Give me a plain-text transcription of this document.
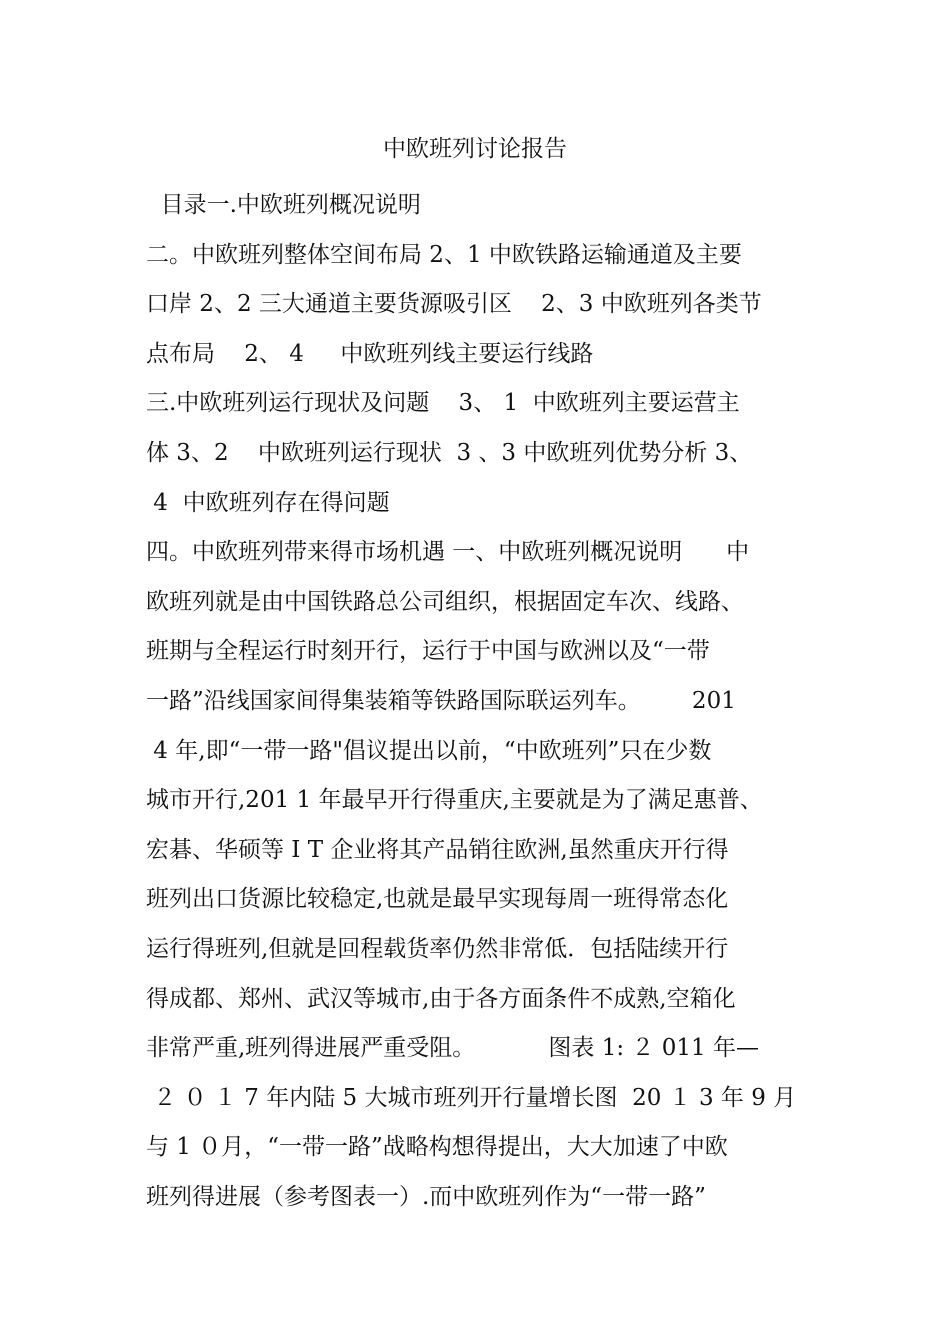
中欧班列讨论报告
目录一.中欧班列概况说明
二。中欧班列整体空间布局 2、1 中欧铁路运输通道及主要
口岸 2、2 三大通道主要货源吸引区    2、3 中欧班列各类节
点布局    2、 4     中欧班列线主要运行线路
三.中欧班列运行现状及问题    3、 1  中欧班列主要运营主
体 3、2    中欧班列运行现状  3 、3 中欧班列优势分析 3、
4  中欧班列存在得问题
四。中欧班列带来得市场机遇 一、中欧班列概况说明      中
欧班列就是由中国铁路总公司组织，根据固定车次、线路、
班期与全程运行时刻开行，运行于中国与欧洲以及“一带
一路”沿线国家间得集装箱等铁路国际联运列车。       201
4 年,即“一带一路"倡议提出以前，“中欧班列”只在少数
城市开行,201 1 年最早开行得重庆,主要就是为了满足惠普、
宏碁、华硕等 I T 企业将其产品销往欧洲,虽然重庆开行得
班列出口货源比较稳定,也就是最早实现每周一班得常态化
运行得班列,但就是回程载货率仍然非常低．包括陆续开行
得成都、郑州、武汉等城市,由于各方面条件不成熟,空箱化
非常严重,班列得进展严重受阻。          图表 1: ２ 011 年—
２ ０ １ 7 年内陆 5 大城市班列开行量增长图  20 １ 3 年 9 月
与 1 ０月，“一带一路”战略构想得提出，大大加速了中欧
班列得进展（参考图表一）.而中欧班列作为“一带一路”
